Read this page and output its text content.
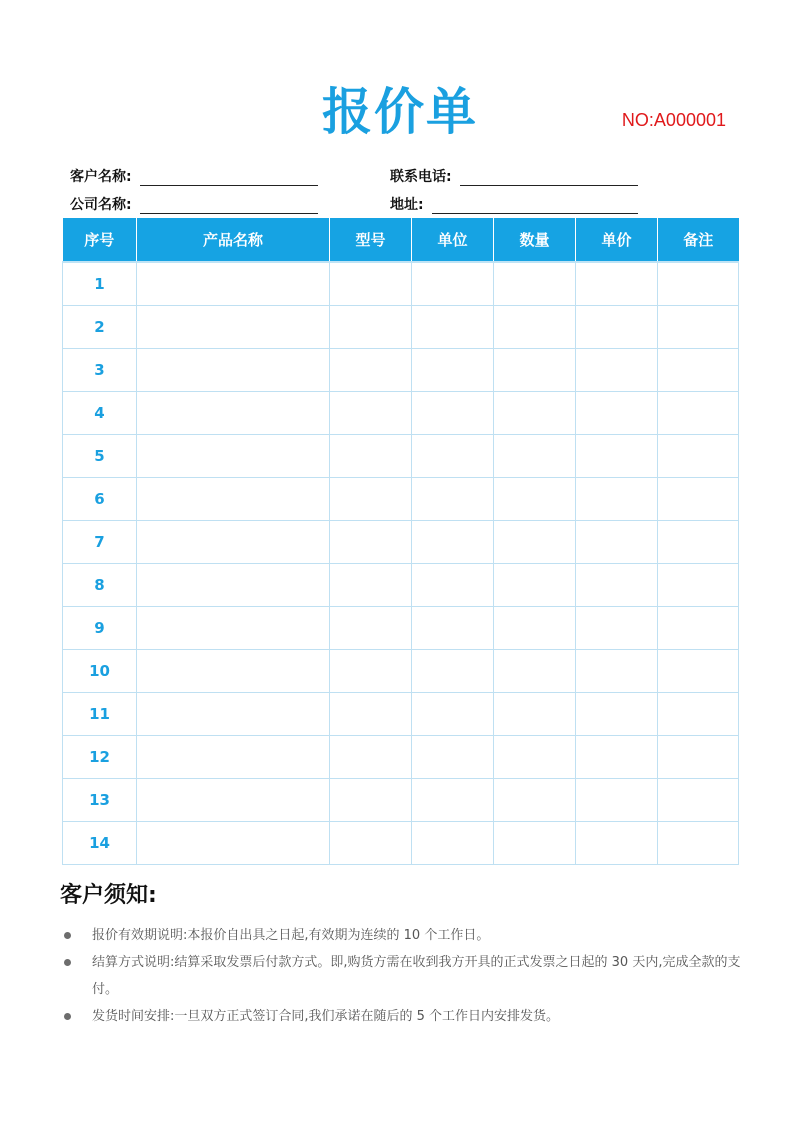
报价单	NO:A000001
客户名称:	联系电话:
公司名称:	地址:
序号	产品名称	型号	单位	数量	单价	备注
1						
2						
3						
4						
5						
6						
7						
8						
9						
10						
11						
12						
13						
14						
客户须知:
报价有效期说明:本报价自出具之日起,有效期为连续的 10 个工作日。
结算方式说明:结算采取发票后付款方式。即,购货方需在收到我方开具的正式发票之日起的 30 天内,完成全款的支付。
发货时间安排:一旦双方正式签订合同,我们承诺在随后的 5 个工作日内安排发货。
